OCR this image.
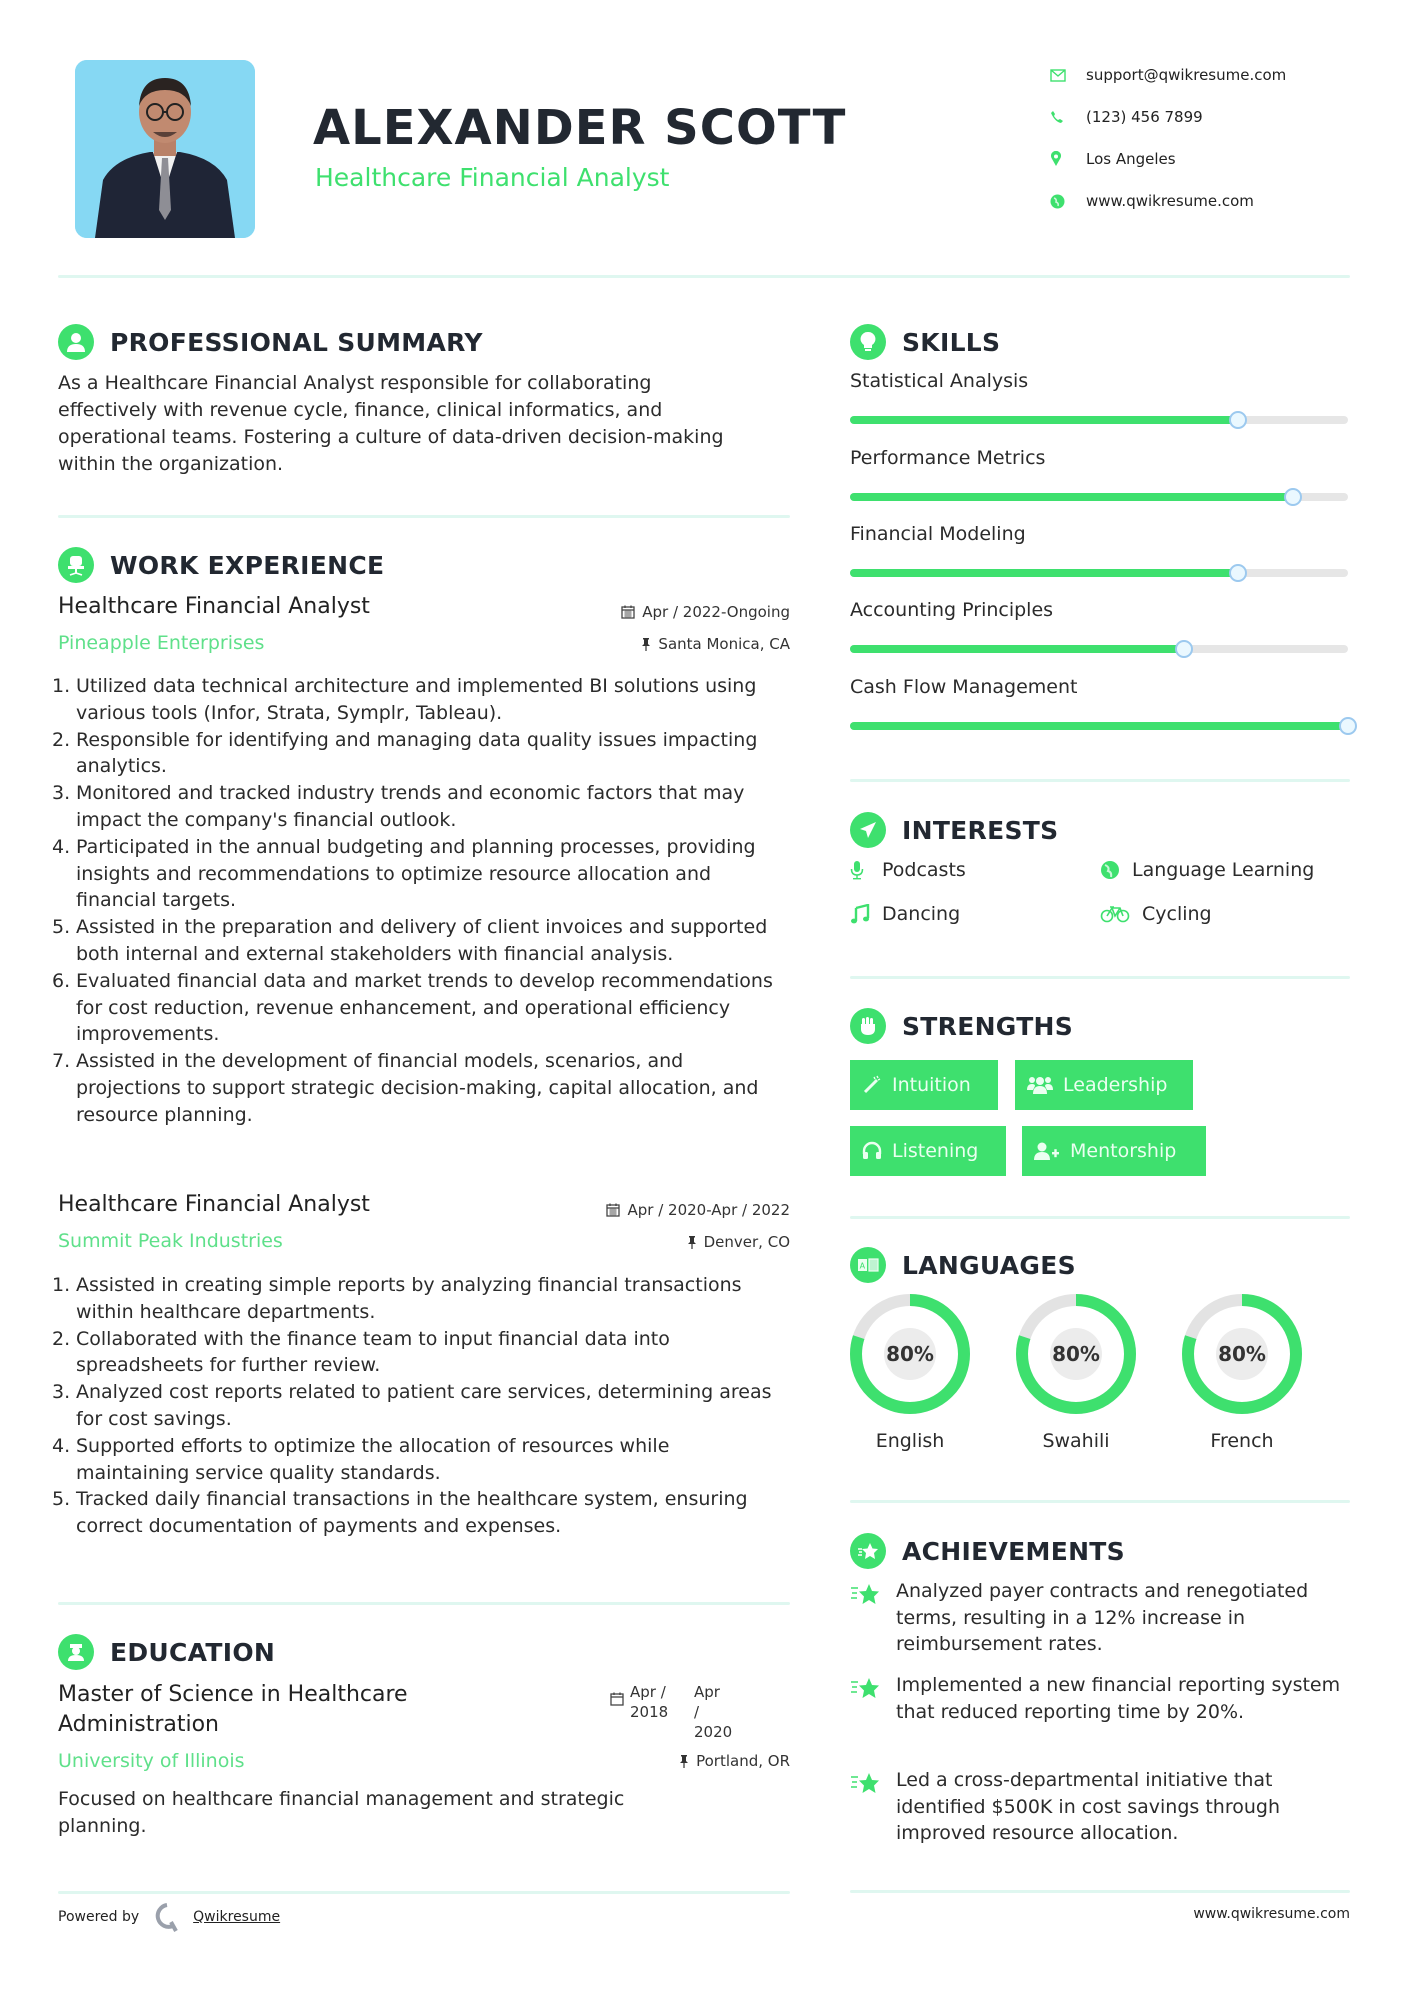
ALEXANDER SCOTT
Healthcare Financial Analyst
support@qwikresume.com
(123) 456 7899
Los Angeles
www.qwikresume.com
PROFESSIONAL SUMMARY
As a Healthcare Financial Analyst responsible for collaborating effectively with revenue cycle, finance, clinical informatics, and operational teams. Fostering a culture of data-driven decision-making within the organization.
WORK EXPERIENCE
Healthcare Financial Analyst	Apr / 2022-Ongoing
Pineapple Enterprises	Santa Monica, CA
1. Utilized data technical architecture and implemented BI solutions using various tools (Infor, Strata, Symplr, Tableau).
2. Responsible for identifying and managing data quality issues impacting analytics.
3. Monitored and tracked industry trends and economic factors that may impact the company's financial outlook.
4. Participated in the annual budgeting and planning processes, providing insights and recommendations to optimize resource allocation and financial targets.
5. Assisted in the preparation and delivery of client invoices and supported both internal and external stakeholders with financial analysis.
6. Evaluated financial data and market trends to develop recommendations for cost reduction, revenue enhancement, and operational efficiency improvements.
7. Assisted in the development of financial models, scenarios, and projections to support strategic decision-making, capital allocation, and resource planning.
Healthcare Financial Analyst	Apr / 2020-Apr / 2022
Summit Peak Industries	Denver, CO
1. Assisted in creating simple reports by analyzing financial transactions within healthcare departments.
2. Collaborated with the finance team to input financial data into spreadsheets for further review.
3. Analyzed cost reports related to patient care services, determining areas for cost savings.
4. Supported efforts to optimize the allocation of resources while maintaining service quality standards.
5. Tracked daily financial transactions in the healthcare system, ensuring correct documentation of payments and expenses.
EDUCATION
Master of Science in Healthcare Administration
Apr / 2018
Apr / 2020
University of Illinois	Portland, OR
Focused on healthcare financial management and strategic planning.
SKILLS
Statistical Analysis
Performance Metrics
Financial Modeling
Accounting Principles
Cash Flow Management
INTERESTS
Podcasts	Language Learning
Dancing	Cycling
STRENGTHS
Intuition	Leadership
Listening	Mentorship
A LANGUAGES
80%
English
80%
Swahili
80%
French
ACHIEVEMENTS
Analyzed payer contracts and renegotiated terms, resulting in a 12% increase in reimbursement rates.
Implemented a new financial reporting system that reduced reporting time by 20%.
Led a cross-departmental initiative that identified $500K in cost savings through improved resource allocation.
Powered by	Qwikresume	www.qwikresume.com
